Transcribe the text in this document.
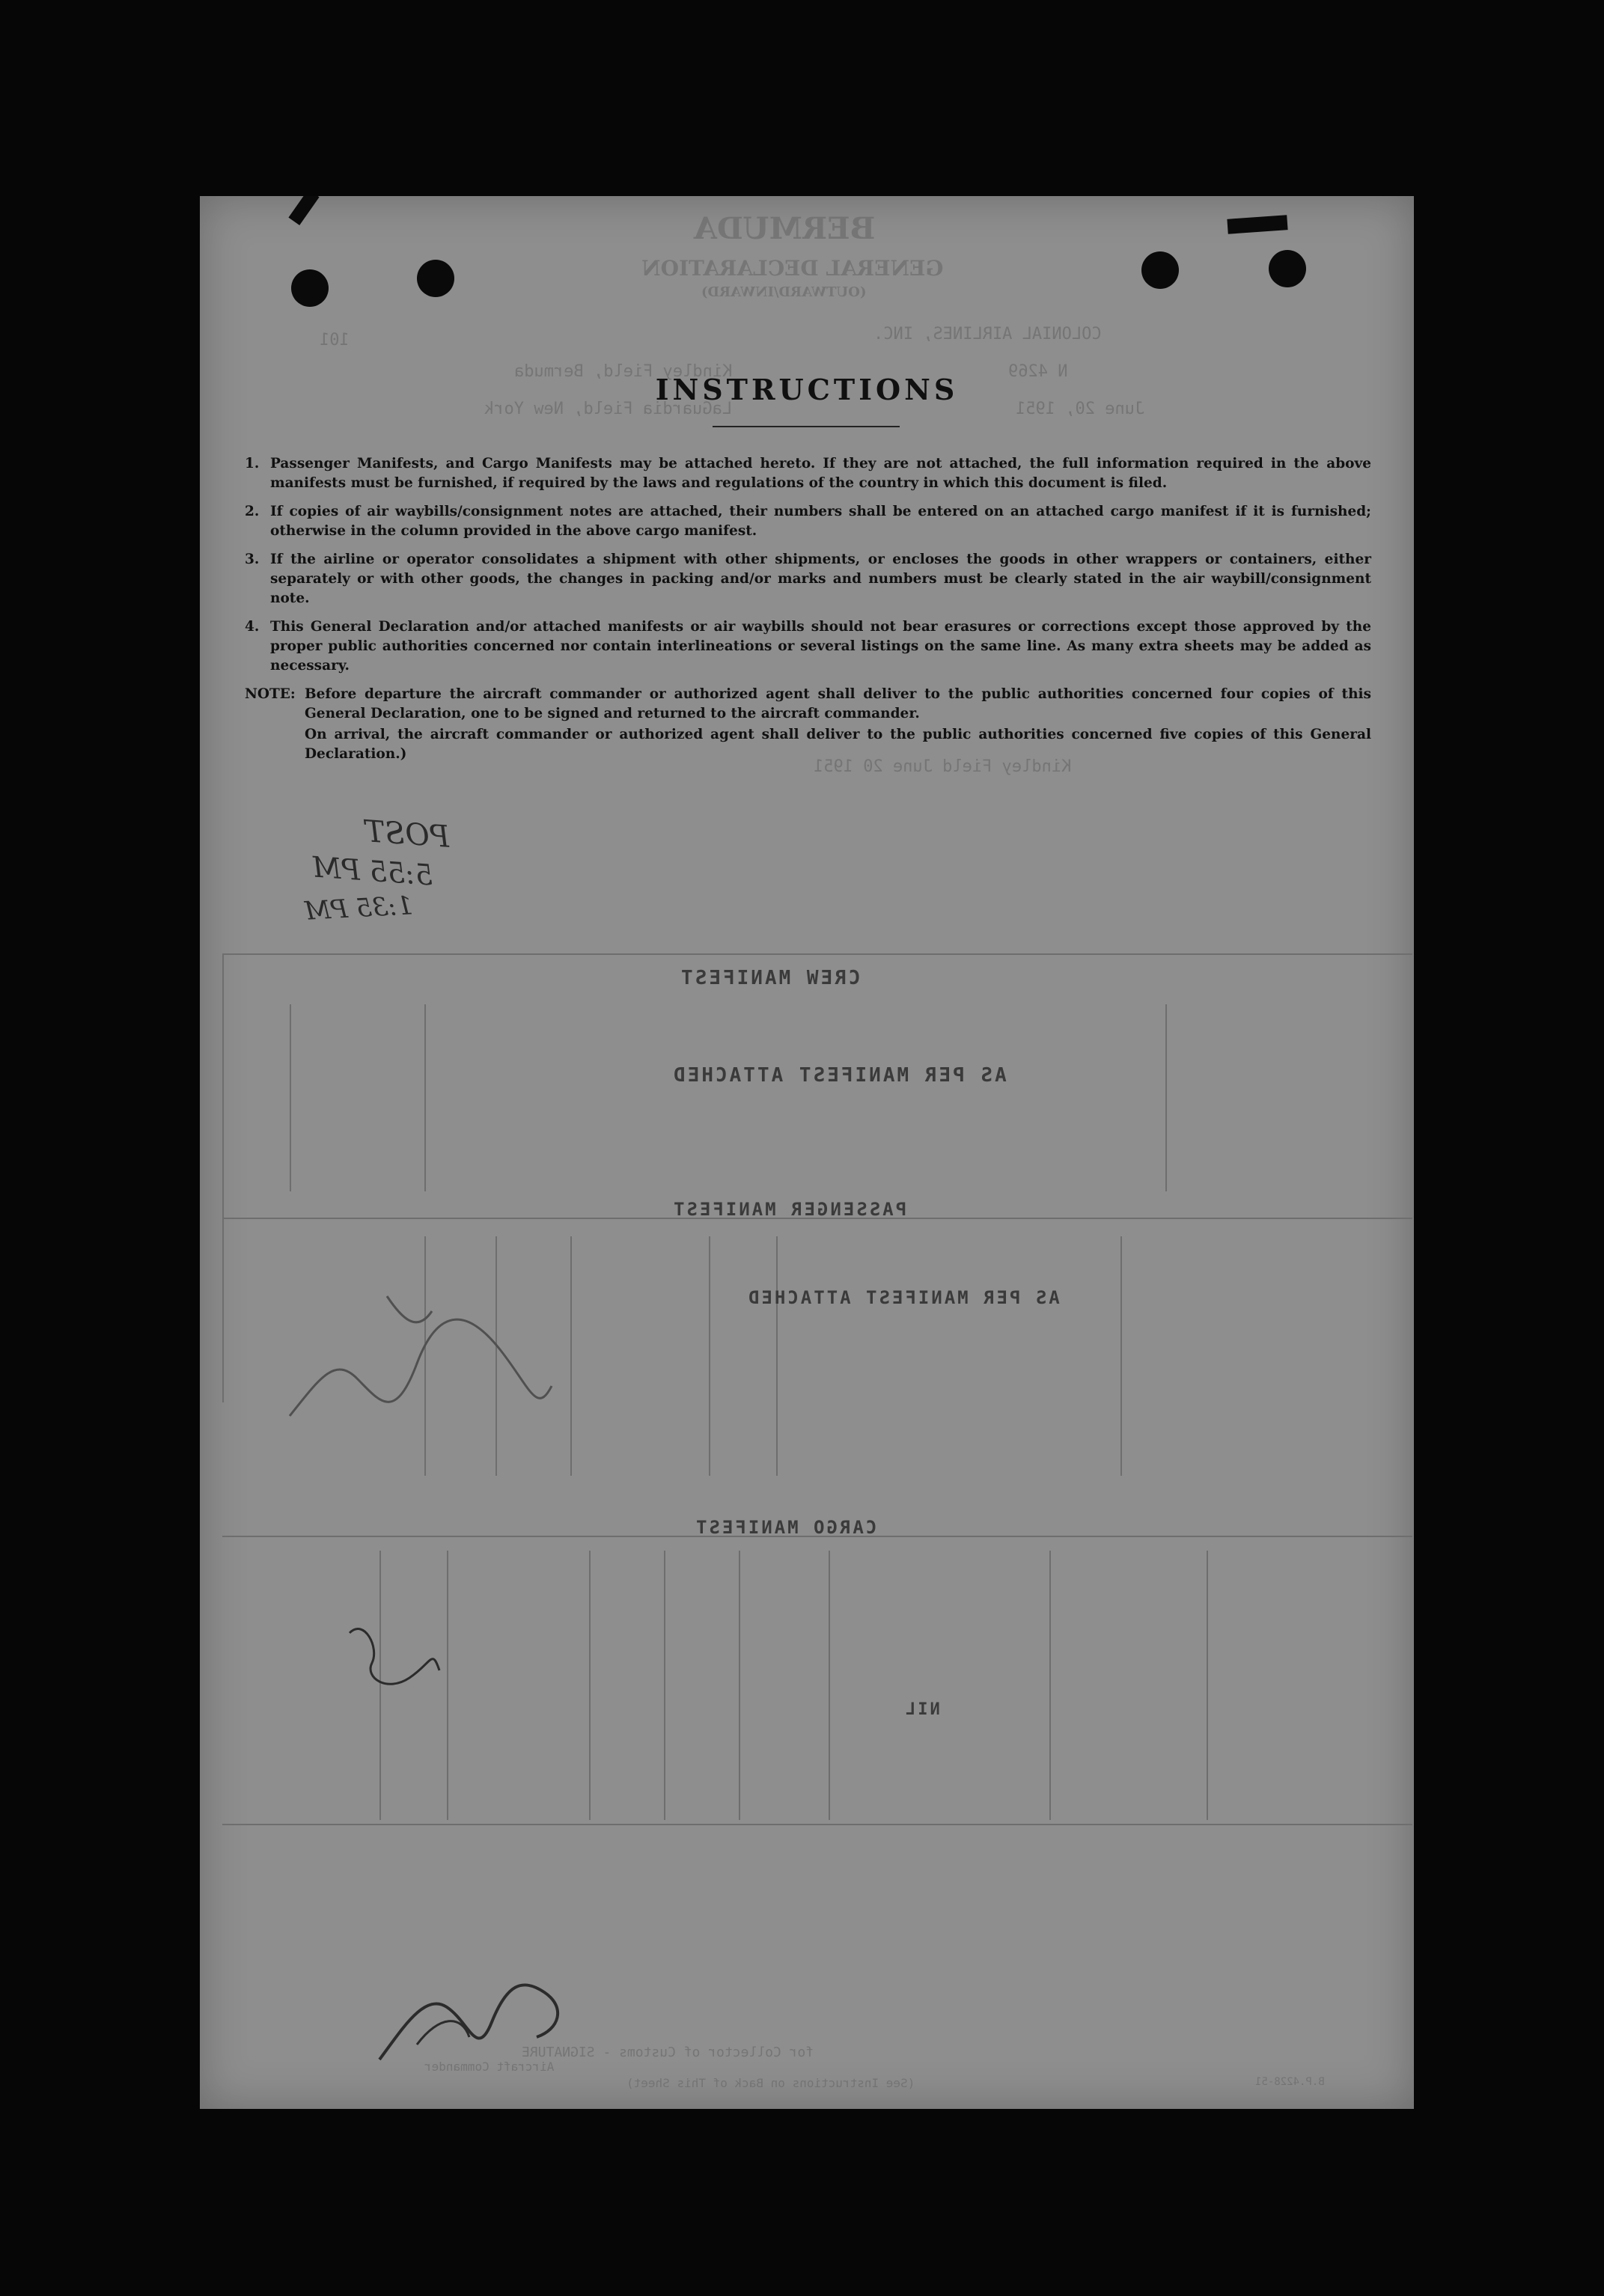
BERMUDA
GENERAL DECLARATION
(OUTWARD/INWARD)
COLONIAL AIRLINES, INC.
101
N 4269
Kindley Field, Bermuda
June 20, 1951
LaGuardia Field, New York
Kindley Field June 20 1951
INSTRUCTIONS
1. Passenger Manifests, and Cargo Manifests may be attached hereto. If they are not attached, the full information required in the above manifests must be furnished, if required by the laws and regulations of the country in which this document is filed.
2. If copies of air waybills/consignment notes are attached, their numbers shall be entered on an attached cargo manifest if it is furnished; otherwise in the column provided in the above cargo manifest.
3. If the airline or operator consolidates a shipment with other shipments, or encloses the goods in other wrappers or containers, either separately or with other goods, the changes in packing and/or marks and numbers must be clearly stated in the air waybill/consignment note.
4. This General Declaration and/or attached manifests or air waybills should not bear erasures or corrections except those approved by the proper public authorities concerned nor contain interlineations or several listings on the same line. As many extra sheets may be added as necessary.
NOTE: Before departure the aircraft commander or authorized agent shall deliver to the public authorities concerned four copies of this General Declaration, one to be signed and returned to the aircraft commander.

On arrival, the aircraft commander or authorized agent shall deliver to the public authorities concerned five copies of this General Declaration.)

POST
5:55 PM
1:35 PM
CREW MANIFEST
AS PER MANIFEST ATTACHED
PASSENGER MANIFEST
AS PER MANIFEST ATTACHED
CARGO MANIFEST
NIL
for Collector of Customs - SIGNATURE
Aircraft Commander
(See Instructions on Back of This Sheet)	B.P.4228-51
